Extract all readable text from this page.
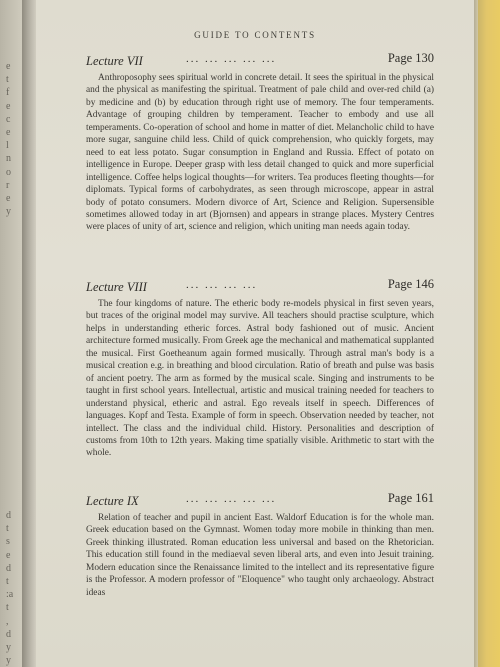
e
t
f
e
c
e
l
n
o
r
e
y

d
t
s
e
d
t
:a
t
,
d
y
y
GUIDE TO CONTENTS
Lecture VII	... ... ... ... ...	Page 130
Anthroposophy sees spiritual world in concrete detail. It sees the spiritual in the physical and the physical as manifesting the spiritual. Treatment of pale child and over-red child (a) by medicine and (b) by education through right use of memory. The four temperaments. Advantage of grouping children by temperament. Teacher to embody and use all temperaments. Co-operation of school and home in matter of diet. Melancholic child to have more sugar, sanguine child less. Child of quick comprehension, who quickly forgets, may need to eat less potato. Sugar consumption in England and Russia. Effect of potato on intelligence in Europe. Deeper grasp with less detail changed to quick and more superficial intelligence. Coffee helps logical thoughts—for writers. Tea produces fleeting thoughts—for diplomats. Typical forms of carbohydrates, as seen through microscope, appear in astral body of potato consumers. Modern divorce of Art, Science and Religion. Supersensible sometimes allowed today in art (Bjornsen) and appears in strange places. Mystery Centres were places of unity of art, science and religion, which uniting man needs again today.
Lecture VIII	... ... ... ...	Page 146
The four kingdoms of nature. The etheric body re-models physical in first seven years, but traces of the original model may survive. All teachers should practise sculpture, which helps in understanding etheric forces. Astral body fashioned out of music. Ancient architecture formed musically. From Greek age the mechanical and mathematical supplanted the musical. First Goetheanum again formed musically. Through astral man's body is a musical creation e.g. in breathing and blood circulation. Ratio of breath and pulse was basis of ancient poetry. The arm as formed by the musical scale. Singing and instruments to be taught in first school years. Intellectual, artistic and musical training needed for teachers to understand physical, etheric and astral. Ego reveals itself in speech. Differences of languages. Kopf and Testa. Example of form in speech. Observation needed by teacher, not intellect. The class and the individual child. History. Personalities and description of customs from 10th to 12th years. Making time spatially visible. Arithmetic to start with the whole.
Lecture IX	... ... ... ... ...	Page 161
Relation of teacher and pupil in ancient East. Waldorf Education is for the whole man. Greek education based on the Gymnast. Women today more mobile in thinking than men. Greek thinking illustrated. Roman education less universal and based on the Rhetorician. This education still found in the mediaeval seven liberal arts, and even into Jesuit training. Modern education since the Renaissance limited to the intellect and its representative figure is the Professor. A modern professor of "Eloquence" who taught only archaeology. Abstract ideas
